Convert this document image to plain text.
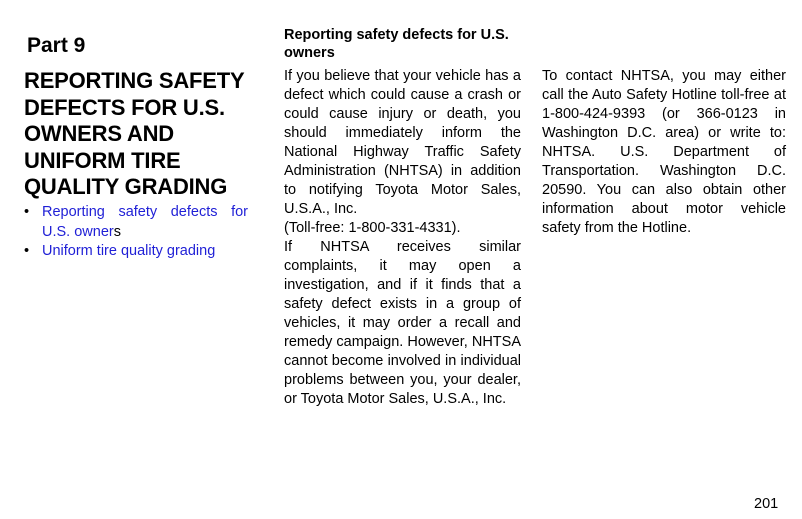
Part 9
REPORTING SAFETY DEFECTS FOR U.S. OWNERS AND UNIFORM TIRE QUALITY GRADING
• Reporting safety defects for U.S. owners
• Uniform tire quality grading
Reporting safety defects for U.S. owners

If you believe that your vehicle has a defect which could cause a crash or could cause injury or death, you should immediately inform the National Highway Traffic Safety Administration (NHTSA) in addition to notifying Toyota Motor Sales, U.S.A., Inc.

(Toll-free: 1-800-331-4331).

If NHTSA receives similar complaints, it may open a investigation, and if it finds that a safety defect exists in a group of vehicles, it may order a recall and remedy campaign. However, NHTSA cannot become involved in individual problems between you, your dealer, or Toyota Motor Sales, U.S.A., Inc.

To contact NHTSA, you may either call the Auto Safety Hotline toll-free at 1-800-424-9393 (or 366-0123 in Washington D.C. area) or write to: NHTSA. U.S. Department of Transportation. Washington D.C. 20590. You can also obtain other information about motor vehicle safety from the Hotline.

201
